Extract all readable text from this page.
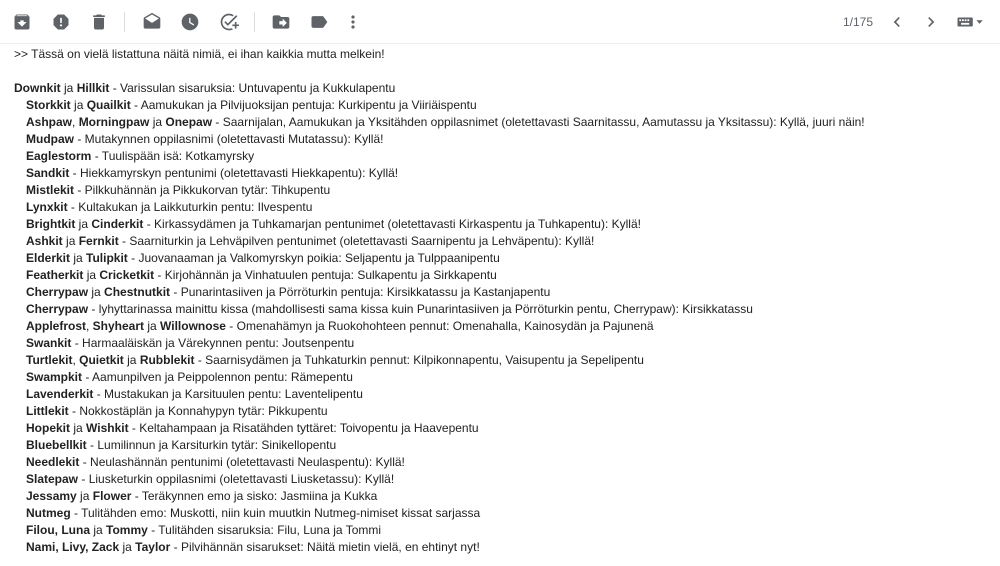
1/175
>> Tässä on vielä listattuna näitä nimiä, ei ihan kaikkia mutta melkein!
Downkit ja Hillkit - Varissulan sisaruksia: Untuvapentu ja Kukkulapentu
Storkkit ja Quailkit - Aamukukan ja Pilvijuoksijan pentuja: Kurkipentu ja Viiriäispentu
Ashpaw, Morningpaw ja Onepaw - Saarnijalan, Aamukukan ja Yksitähden oppilasnimet (oletettavasti Saarnitassu, Aamutassu ja Yksitassu): Kyllä, juuri näin!
Mudpaw - Mutakynnen oppilasnimi (oletettavasti Mutatassu): Kyllä!
Eaglestorm - Tuulispään isä: Kotkamyrsky
Sandkit - Hiekkamyrskyn pentunimi (oletettavasti Hiekkapentu): Kyllä!
Mistlekit - Pilkkuhännän ja Pikkukorvan tytär: Tihkupentu
Lynxkit - Kultakukan ja Laikkuturkin pentu: Ilvespentu
Brightkit ja Cinderkit - Kirkassydämen ja Tuhkamarjan pentunimet (oletettavasti Kirkaspentu ja Tuhkapentu): Kyllä!
Ashkit ja Fernkit - Saarniturkin ja Lehväpilven pentunimet (oletettavasti Saarnipentu ja Lehväpentu): Kyllä!
Elderkit ja Tulipkit - Juovanaaman ja Valkomyrskyn poikia: Seljapentu ja Tulppaanipentu
Featherkit ja Cricketkit - Kirjohännän ja Vinhatuulen pentuja: Sulkapentu ja Sirkkapentu
Cherrypaw ja Chestnutkit - Punarintasiiven ja Pörröturkin pentuja: Kirsikkatassu ja Kastanjapentu
Cherrypaw - lyhyttarinassa mainittu kissa (mahdollisesti sama kissa kuin Punarintasiiven ja Pörröturkin pentu, Cherrypaw): Kirsikkatassu
Applefrost, Shyheart ja Willownose - Omenahämyn ja Ruokohohteen pennut: Omenahalla, Kainosydän ja Pajunenä
Swankit - Harmaaläiskän ja Värekynnen pentu: Joutsenpentu
Turtlekit, Quietkit ja Rubblekit - Saarnisydämen ja Tuhkaturkin pennut: Kilpikonnapentu, Vaisupentu ja Sepelipentu
Swampkit - Aamunpilven ja Peippolennon pentu: Rämepentu
Lavenderkit - Mustakukan ja Karsituulen pentu: Laventelipentu
Littlekit - Nokkostäplän ja Konnahypyn tytär: Pikkupentu
Hopekit ja Wishkit - Keltahampaan ja Risatähden tyttäret: Toivopentu ja Haavepentu
Bluebellkit - Lumilinnun ja Karsiturkin tytär: Sinikellopentu
Needlekit - Neulashännän pentunimi (oletettavasti Neulaspentu): Kyllä!
Slatepaw - Liusketurkin oppilasnimi (oletettavasti Liusketassu): Kyllä!
Jessamy ja Flower - Teräkynnen emo ja sisko: Jasmiina ja Kukka
Nutmeg - Tulitähden emo: Muskotti, niin kuin muutkin Nutmeg-nimiset kissat sarjassa
Filou, Luna ja Tommy - Tulitähden sisaruksia: Filu, Luna ja Tommi
Nami, Livy, Zack ja Taylor - Pilvihännän sisarukset: Näitä mietin vielä, en ehtinyt nyt!
